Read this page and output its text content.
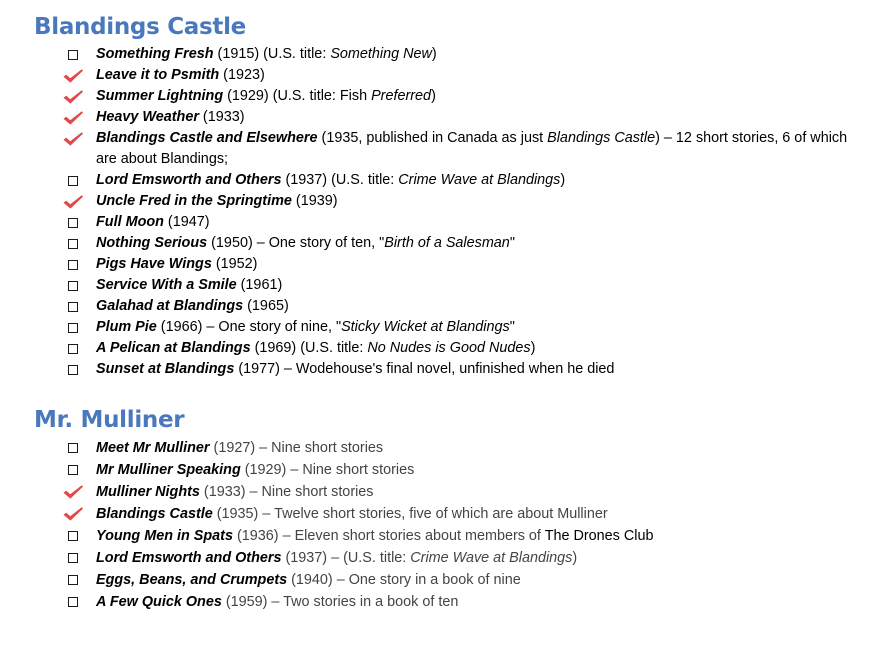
Blandings Castle
Something Fresh (1915) (U.S. title: Something New)
Leave it to Psmith (1923)
Summer Lightning (1929) (U.S. title: Fish Preferred)
Heavy Weather (1933)
Blandings Castle and Elsewhere (1935, published in Canada as just Blandings Castle) – 12 short stories, 6 of which are about Blandings;
Lord Emsworth and Others (1937) (U.S. title: Crime Wave at Blandings)
Uncle Fred in the Springtime (1939)
Full Moon (1947)
Nothing Serious (1950) – One story of ten, "Birth of a Salesman"
Pigs Have Wings (1952)
Service With a Smile (1961)
Galahad at Blandings (1965)
Plum Pie (1966) – One story of nine, "Sticky Wicket at Blandings"
A Pelican at Blandings (1969) (U.S. title: No Nudes is Good Nudes)
Sunset at Blandings (1977) – Wodehouse's final novel, unfinished when he died
Mr. Mulliner
Meet Mr Mulliner (1927) – Nine short stories
Mr Mulliner Speaking (1929) – Nine short stories
Mulliner Nights (1933) – Nine short stories
Blandings Castle (1935) – Twelve short stories, five of which are about Mulliner
Young Men in Spats (1936) – Eleven short stories about members of The Drones Club
Lord Emsworth and Others (1937) – (U.S. title: Crime Wave at Blandings)
Eggs, Beans, and Crumpets (1940) – One story in a book of nine
A Few Quick Ones (1959) – Two stories in a book of ten
